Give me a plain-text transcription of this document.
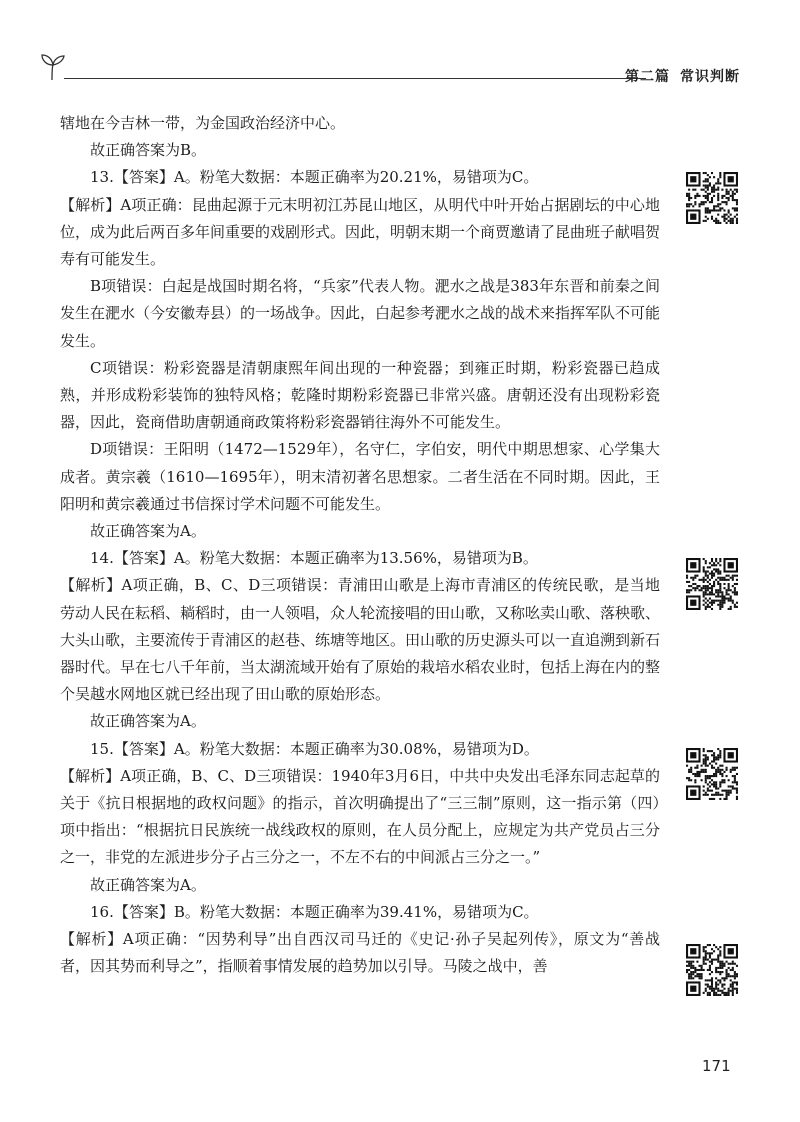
第二篇 常识判断

辖地在今吉林一带，为金国政治经济中心。

故正确答案为B。

13.【答案】A。粉笔大数据：本题正确率为20.21%，易错项为C。

【解析】A项正确：昆曲起源于元末明初江苏昆山地区，从明代中叶开始占据剧坛的中心地位，成为此后两百多年间重要的戏剧形式。因此，明朝末期一个商贾邀请了昆曲班子献唱贺寿有可能发生。

B项错误：白起是战国时期名将，“兵家”代表人物。淝水之战是383年东晋和前秦之间发生在淝水（今安徽寿县）的一场战争。因此，白起参考淝水之战的战术来指挥军队不可能发生。

C项错误：粉彩瓷器是清朝康熙年间出现的一种瓷器；到雍正时期，粉彩瓷器已趋成熟，并形成粉彩装饰的独特风格；乾隆时期粉彩瓷器已非常兴盛。唐朝还没有出现粉彩瓷器，因此，瓷商借助唐朝通商政策将粉彩瓷器销往海外不可能发生。

D项错误：王阳明（1472—1529年），名守仁，字伯安，明代中期思想家、心学集大成者。黄宗羲（1610—1695年），明末清初著名思想家。二者生活在不同时期。因此，王阳明和黄宗羲通过书信探讨学术问题不可能发生。

故正确答案为A。

14.【答案】A。粉笔大数据：本题正确率为13.56%，易错项为B。

【解析】A项正确，B、C、D三项错误：青浦田山歌是上海市青浦区的传统民歌，是当地劳动人民在耘稻、耥稻时，由一人领唱，众人轮流接唱的田山歌，又称吆卖山歌、落秧歌、大头山歌，主要流传于青浦区的赵巷、练塘等地区。田山歌的历史源头可以一直追溯到新石器时代。早在七八千年前，当太湖流域开始有了原始的栽培水稻农业时，包括上海在内的整个吴越水网地区就已经出现了田山歌的原始形态。

故正确答案为A。

15.【答案】A。粉笔大数据：本题正确率为30.08%，易错项为D。

【解析】A项正确，B、C、D三项错误：1940年3月6日，中共中央发出毛泽东同志起草的关于《抗日根据地的政权问题》的指示，首次明确提出了“三三制”原则，这一指示第（四）项中指出：“根据抗日民族统一战线政权的原则，在人员分配上，应规定为共产党员占三分之一，非党的左派进步分子占三分之一，不左不右的中间派占三分之一。”

故正确答案为A。

16.【答案】B。粉笔大数据：本题正确率为39.41%，易错项为C。

【解析】A项正确：“因势利导”出自西汉司马迁的《史记·孙子吴起列传》，原文为“善战者，因其势而利导之”，指顺着事情发展的趋势加以引导。马陵之战中，善

171
